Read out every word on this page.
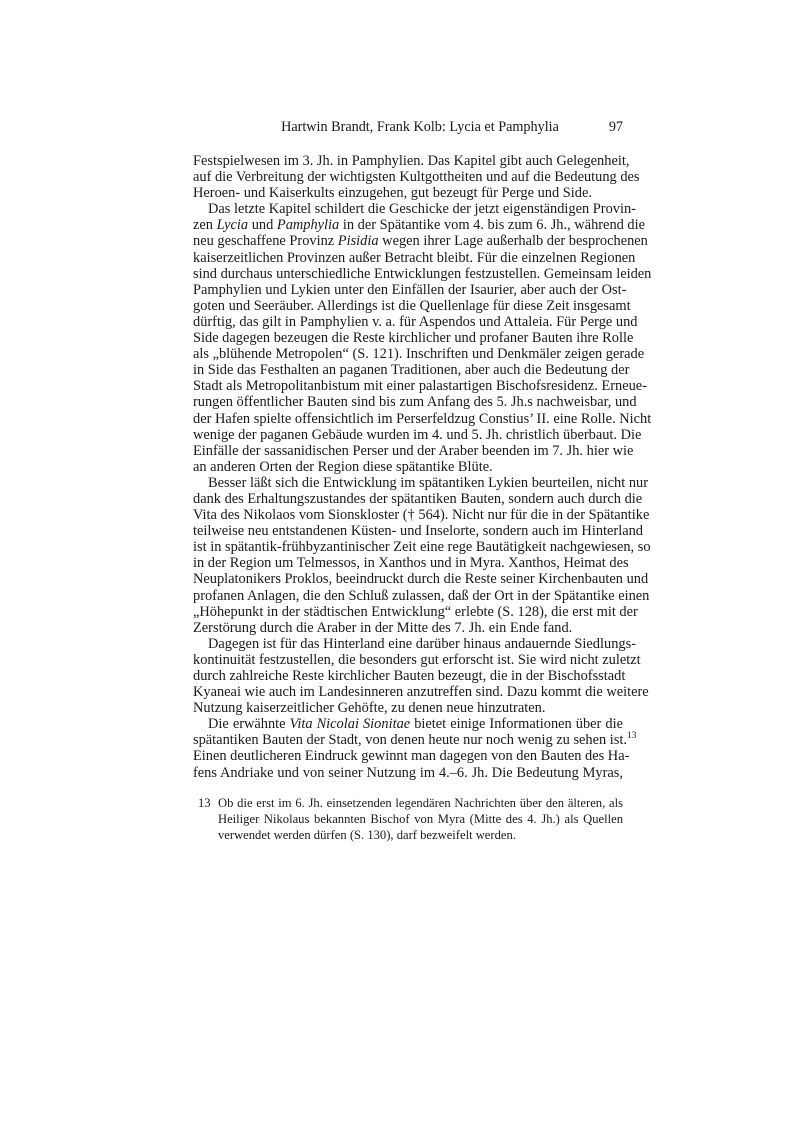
Hartwin Brandt, Frank Kolb: Lycia et Pamphylia	97
Festspielwesen im 3. Jh. in Pamphylien. Das Kapitel gibt auch Gelegenheit,
auf die Verbreitung der wichtigsten Kultgottheiten und auf die Bedeutung des
Heroen- und Kaiserkults einzugehen, gut bezeugt für Perge und Side.
Das letzte Kapitel schildert die Geschicke der jetzt eigenständigen Provin-
zen Lycia und Pamphylia in der Spätantike vom 4. bis zum 6. Jh., während die
neu geschaffene Provinz Pisidia wegen ihrer Lage außerhalb der besprochenen
kaiserzeitlichen Provinzen außer Betracht bleibt. Für die einzelnen Regionen
sind durchaus unterschiedliche Entwicklungen festzustellen. Gemeinsam leiden
Pamphylien und Lykien unter den Einfällen der Isaurier, aber auch der Ost-
goten und Seeräuber. Allerdings ist die Quellenlage für diese Zeit insgesamt
dürftig, das gilt in Pamphylien v. a. für Aspendos und Attaleia. Für Perge und
Side dagegen bezeugen die Reste kirchlicher und profaner Bauten ihre Rolle
als „blühende Metropolen“ (S. 121). Inschriften und Denkmäler zeigen gerade
in Side das Festhalten an paganen Traditionen, aber auch die Bedeutung der
Stadt als Metropolitanbistum mit einer palastartigen Bischofsresidenz. Erneue-
rungen öffentlicher Bauten sind bis zum Anfang des 5. Jh.s nachweisbar, und
der Hafen spielte offensichtlich im Perserfeldzug Constius’ II. eine Rolle. Nicht
wenige der paganen Gebäude wurden im 4. und 5. Jh. christlich überbaut. Die
Einfälle der sassanidischen Perser und der Araber beenden im 7. Jh. hier wie
an anderen Orten der Region diese spätantike Blüte.
Besser läßt sich die Entwicklung im spätantiken Lykien beurteilen, nicht nur
dank des Erhaltungszustandes der spätantiken Bauten, sondern auch durch die
Vita des Nikolaos vom Sionskloster († 564). Nicht nur für die in der Spätantike
teilweise neu entstandenen Küsten- und Inselorte, sondern auch im Hinterland
ist in spätantik-frühbyzantinischer Zeit eine rege Bautätigkeit nachgewiesen, so
in der Region um Telmessos, in Xanthos und in Myra. Xanthos, Heimat des
Neuplatonikers Proklos, beeindruckt durch die Reste seiner Kirchenbauten und
profanen Anlagen, die den Schluß zulassen, daß der Ort in der Spätantike einen
„Höhepunkt in der städtischen Entwicklung“ erlebte (S. 128), die erst mit der
Zerstörung durch die Araber in der Mitte des 7. Jh. ein Ende fand.
Dagegen ist für das Hinterland eine darüber hinaus andauernde Siedlungs-
kontinuität festzustellen, die besonders gut erforscht ist. Sie wird nicht zuletzt
durch zahlreiche Reste kirchlicher Bauten bezeugt, die in der Bischofsstadt
Kyaneai wie auch im Landesinneren anzutreffen sind. Dazu kommt die weitere
Nutzung kaiserzeitlicher Gehöfte, zu denen neue hinzutraten.
Die erwähnte Vita Nicolai Sionitae bietet einige Informationen über die
spätantiken Bauten der Stadt, von denen heute nur noch wenig zu sehen ist.$^{13}$
Einen deutlicheren Eindruck gewinnt man dagegen von den Bauten des Ha-
fens Andriake und von seiner Nutzung im 4.–6. Jh. Die Bedeutung Myras,
13 Ob die erst im 6. Jh. einsetzenden legendären Nachrichten über den älteren, als
Heiliger Nikolaus bekannten Bischof von Myra (Mitte des 4. Jh.) als Quellen
verwendet werden dürfen (S. 130), darf bezweifelt werden.
